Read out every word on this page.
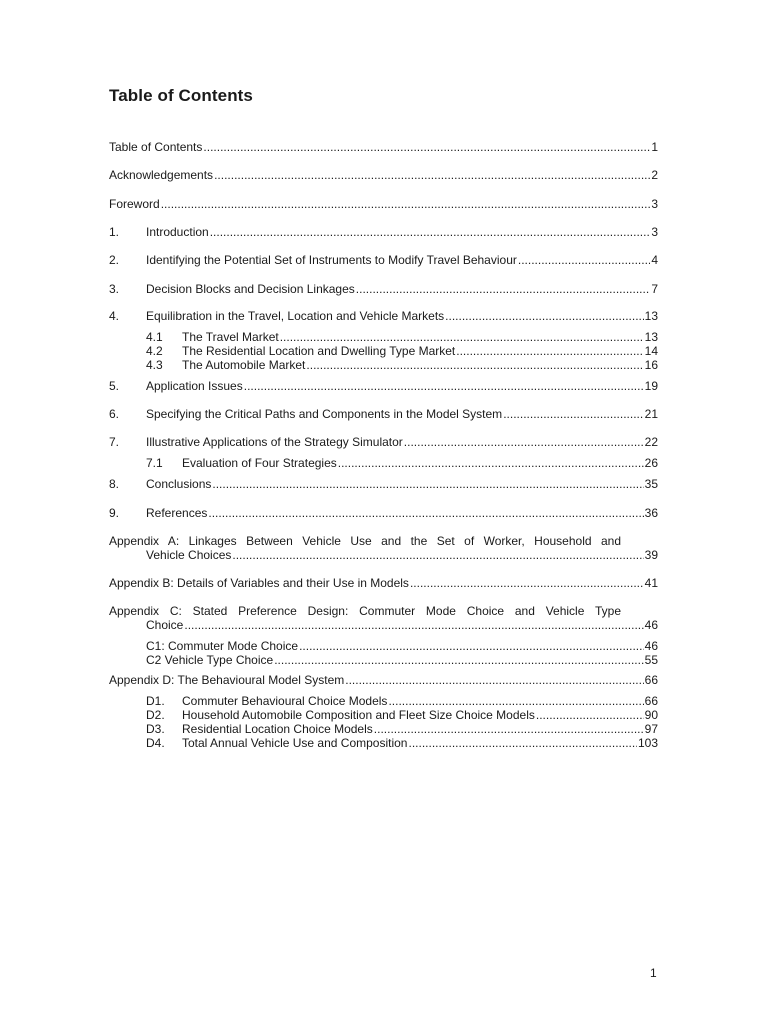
Table of Contents
Table of Contents .....	1
Acknowledgements .....	2
Foreword .....	3
1.	Introduction .....	3
2.	Identifying the Potential Set of Instruments to Modify Travel Behaviour .....	4
3.	Decision Blocks and Decision Linkages .....	7
4.	Equilibration in the Travel, Location and Vehicle Markets .....	13
4.1	The Travel Market .....	13
4.2	The Residential Location and Dwelling Type Market .....	14
4.3	The Automobile Market .....	16
5.	Application Issues .....	19
6.	Specifying the Critical Paths and Components in the Model System .....	21
7.	Illustrative Applications of the Strategy Simulator .....	22
7.1	Evaluation of Four Strategies .....	26
8.	Conclusions .....	35
9.	References .....	36
Appendix A: Linkages Between Vehicle Use and the Set of Worker, Household and
Vehicle Choices .....	39
Appendix B: Details of Variables and their Use in Models .....	41
Appendix C: Stated Preference Design: Commuter Mode Choice and Vehicle Type
Choice .....	46
C1: Commuter Mode Choice .....	46
C2 Vehicle Type Choice .....	55
Appendix D: The Behavioural Model System .....	66
D1.	Commuter Behavioural Choice Models .....	66
D2.	Household Automobile Composition and Fleet Size Choice Models .....	90
D3.	Residential Location Choice Models .....	97
D4.	Total Annual Vehicle Use and Composition .....	103
1
